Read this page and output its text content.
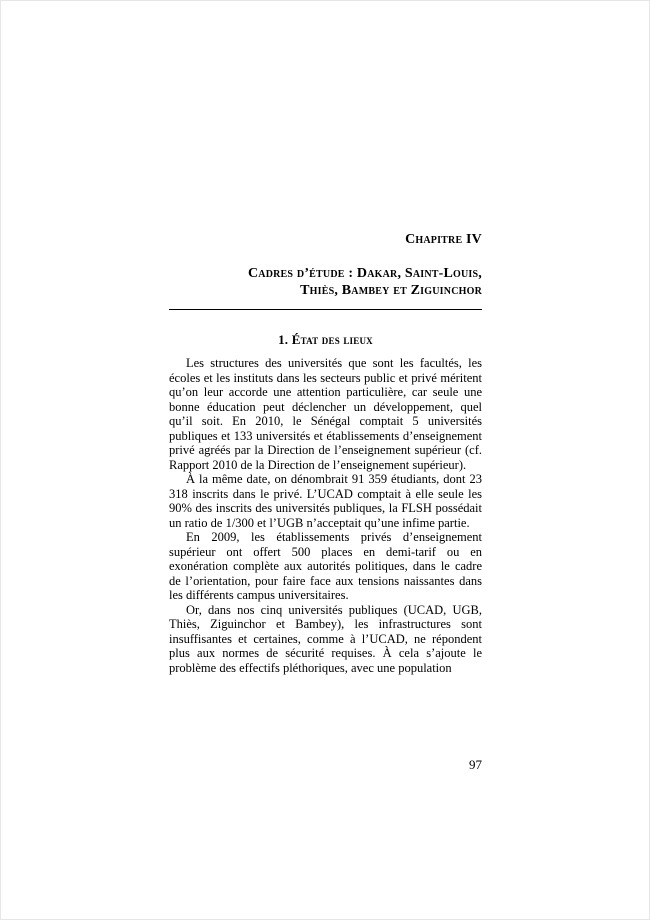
Chapitre IV
Cadres d’étude : Dakar, Saint-Louis,
Thiès, Bambey et Ziguinchor
1. État des lieux

Les structures des universités que sont les facultés, les écoles et les instituts dans les secteurs public et privé méritent qu’on leur accorde une attention particulière, car seule une bonne éducation peut déclencher un développement, quel qu’il soit. En 2010, le Sénégal comptait 5 universités publiques et 133 universités et établissements d’enseignement privé agréés par la Direction de l’enseignement supérieur (cf. Rapport 2010 de la Direction de l’enseignement supérieur).

À la même date, on dénombrait 91 359 étudiants, dont 23 318 inscrits dans le privé. L’UCAD comptait à elle seule les 90% des inscrits des universités publiques, la FLSH possédait un ratio de 1/300 et l’UGB n’acceptait qu’une infime partie.

En 2009, les établissements privés d’enseignement supérieur ont offert 500 places en demi-tarif ou en exonération complète aux autorités politiques, dans le cadre de l’orientation, pour faire face aux tensions naissantes dans les différents campus universitaires.

Or, dans nos cinq universités publiques (UCAD, UGB, Thiès, Ziguinchor et Bambey), les infrastructures sont insuffisantes et certaines, comme à l’UCAD, ne répondent plus aux normes de sécurité requises. À cela s’ajoute le problème des effectifs pléthoriques, avec une population

97
